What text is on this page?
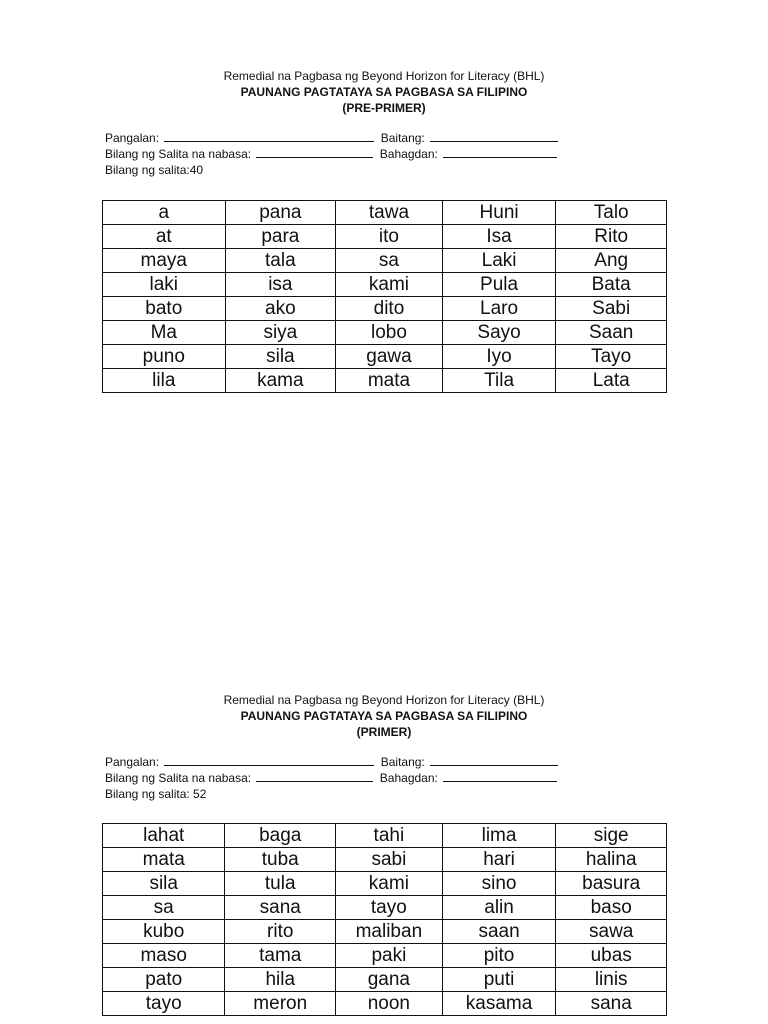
Remedial na Pagbasa ng Beyond Horizon for Literacy (BHL)
PAUNANG PAGTATAYA SA PAGBASA SA FILIPINO
(PRE-PRIMER)
Pangalan:	Baitang:
Bilang ng Salita na nabasa:	Bahagdan:
Bilang ng salita:40
a	pana	tawa	Huni	Talo
at	para	ito	Isa	Rito
maya	tala	sa	Laki	Ang
laki	isa	kami	Pula	Bata
bato	ako	dito	Laro	Sabi
Ma	siya	lobo	Sayo	Saan
puno	sila	gawa	Iyo	Tayo
lila	kama	mata	Tila	Lata
Remedial na Pagbasa ng Beyond Horizon for Literacy (BHL)
PAUNANG PAGTATAYA SA PAGBASA SA FILIPINO
(PRIMER)
Pangalan:	Baitang:
Bilang ng Salita na nabasa:	Bahagdan:
Bilang ng salita: 52
lahat	baga	tahi	lima	sige
mata	tuba	sabi	hari	halina
sila	tula	kami	sino	basura
sa	sana	tayo	alin	baso
kubo	rito	maliban	saan	sawa
maso	tama	paki	pito	ubas
pato	hila	gana	puti	linis
tayo	meron	noon	kasama	sana
